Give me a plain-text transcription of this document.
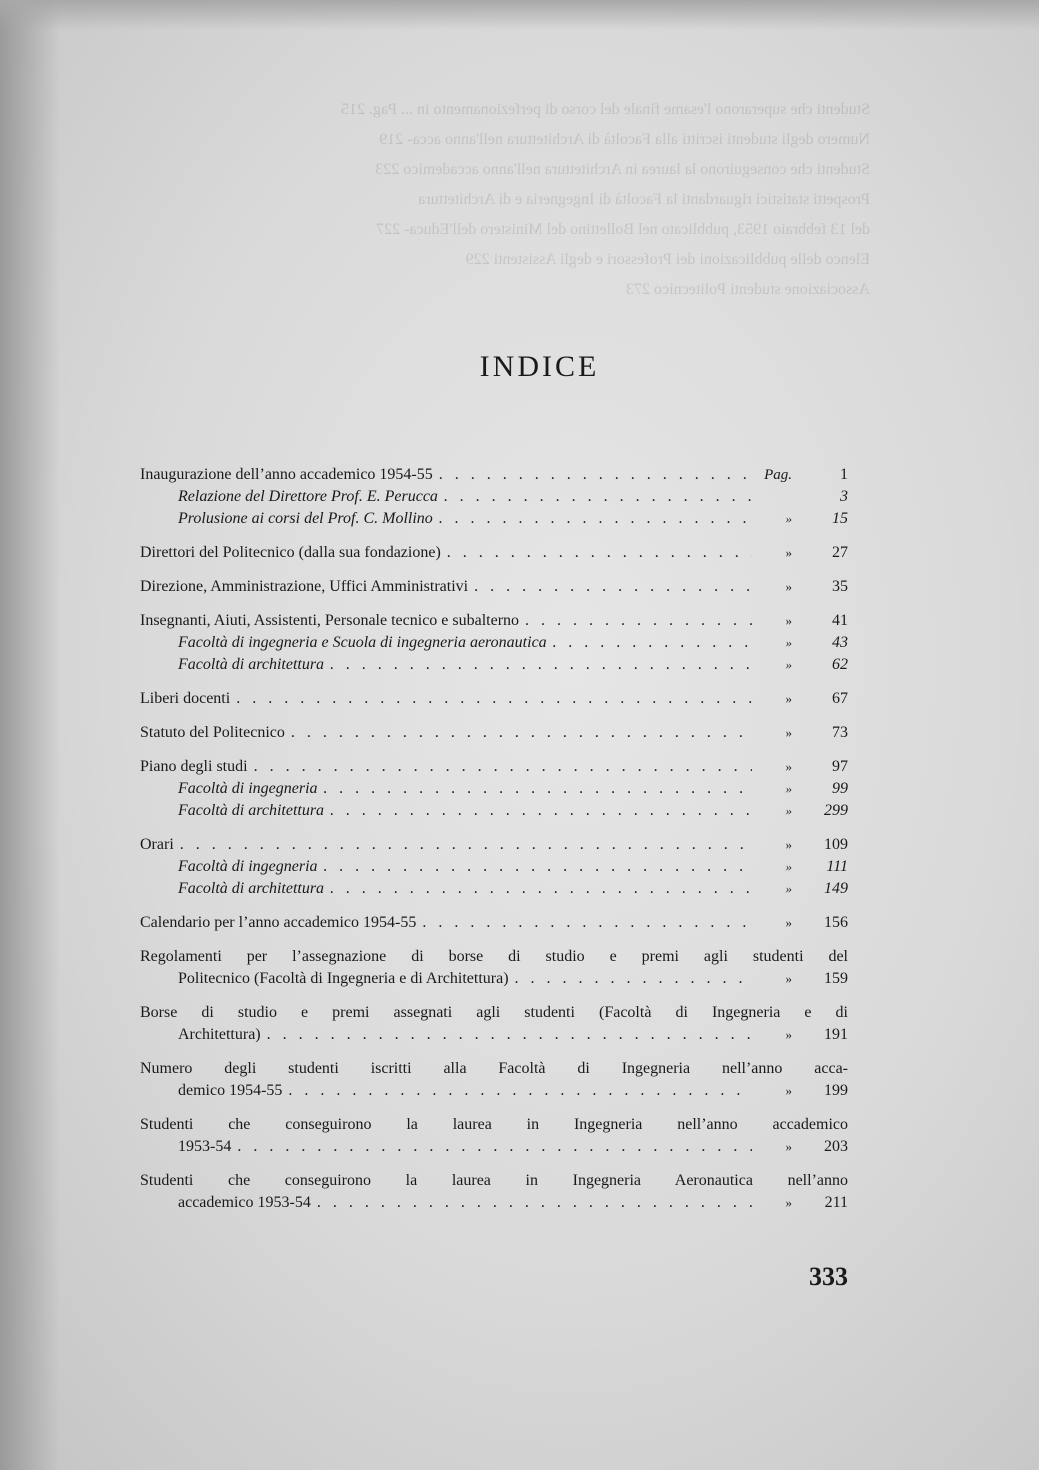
Studenti che superarono l'esame finale del corso di perfezionamento in ... Pag. 215
Numero degli studenti iscritti alla Facoltà di Architettura nell'anno acca- 219
Studenti che conseguirono la laurea in Architettura nell'anno accademico 223
Prospetti statistici riguardanti la Facoltà di Ingegneria e di Architettura
del 13 febbraio 1953, pubblicato nel Bollettino del Ministero dell'Educa- 227
Elenco delle pubblicazioni dei Professori e degli Assistenti 229
Associazione studenti Politecnico 273
INDICE
Inaugurazione dell’anno accademico 1954-55 . . .	Pag.	1
Relazione del Direttore Prof. E. Perucca . . .	3
Prolusione ai corsi del Prof. C. Mollino . . .	»	15
Direttori del Politecnico (dalla sua fondazione) . . .	»	27
Direzione, Amministrazione, Uffici Amministrativi . . .	»	35
Insegnanti, Aiuti, Assistenti, Personale tecnico e subalterno . . .	»	41
Facoltà di ingegneria e Scuola di ingegneria aeronautica . . .	»	43
Facoltà di architettura . . .	»	62
Liberi docenti . . .	»	67
Statuto del Politecnico . . .	»	73
Piano degli studi . . .	»	97
Facoltà di ingegneria . . .	»	99
Facoltà di architettura . . .	»	299
Orari . . .	»	109
Facoltà di ingegneria . . .	»	111
Facoltà di architettura . . .	»	149
Calendario per l’anno accademico 1954-55 . . .	»	156
Regolamenti per l’assegnazione di borse di studio e premi agli studenti del
Politecnico (Facoltà di Ingegneria e di Architettura) . . .	»	159
Borse di studio e premi assegnati agli studenti (Facoltà di Ingegneria e di
Architettura) . . .	»	191
Numero degli studenti iscritti alla Facoltà di Ingegneria nell’anno acca-
demico 1954-55 . . .	»	199
Studenti che conseguirono la laurea in Ingegneria nell’anno accademico
1953-54 . . .	»	203
Studenti che conseguirono la laurea in Ingegneria Aeronautica nell’anno
accademico 1953-54 . . .	»	211
333
